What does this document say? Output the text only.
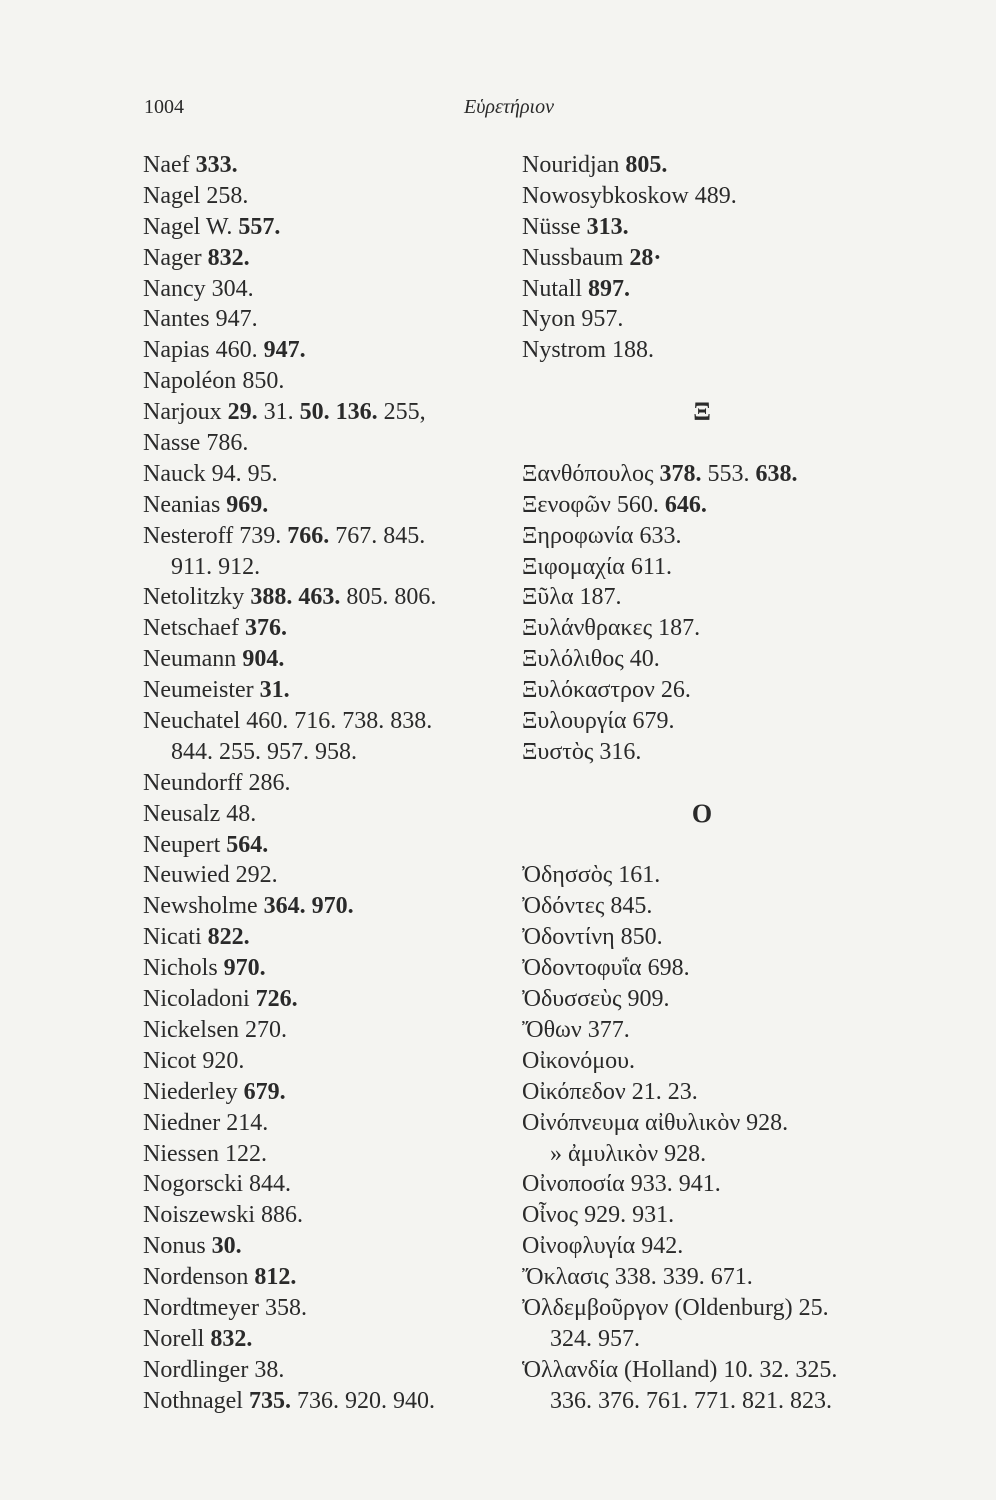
1004	Εὑρετήριον
Naef 333.
Nagel 258.
Nagel W. 557.
Nager 832.
Nancy 304.
Nantes 947.
Napias 460. 947.
Napoléon 850.
Narjoux 29. 31. 50. 136. 255,
Nasse 786.
Nauck 94. 95.
Neanias 969.
Nesteroff 739. 766. 767. 845.
911. 912.
Netolitzky 388. 463. 805. 806.
Netschaef 376.
Neumann 904.
Neumeister 31.
Neuchatel 460. 716. 738. 838.
844. 255. 957. 958.
Neundorff 286.
Neusalz 48.
Neupert 564.
Neuwied 292.
Newsholme 364. 970.
Nicati 822.
Nichols 970.
Nicoladoni 726.
Nickelsen 270.
Nicot 920.
Niederley 679.
Niedner 214.
Niessen 122.
Nogorscki 844.
Noiszewski 886.
Nonus 30.
Nordenson 812.
Nordtmeyer 358.
Norell 832.
Nordlinger 38.
Nothnagel 735. 736. 920. 940.
Nouridjan 805.
Nowosybkoskow 489.
Nüsse 313.
Nussbaum 28·
Nutall 897.
Nyon 957.
Nystrom 188.
Ξ
Ξανθόπουλος 378. 553. 638.
Ξενοφῶν 560. 646.
Ξηροφωνία 633.
Ξιφομαχία 611.
Ξῦλα 187.
Ξυλάνθρακες 187.
Ξυλόλιθος 40.
Ξυλόκαστρον 26.
Ξυλουργία 679.
Ξυστὸς 316.
Ο
Ὀδησσὸς 161.
Ὀδόντες 845.
Ὀδοντίνη 850.
Ὀδοντοφυΐα 698.
Ὀδυσσεὺς 909.
Ὄθων 377.
Οἰκονόμου.
Οἰκόπεδον 21. 23.
Οἰνόπνευμα αἰθυλικὸν 928.
» ἀμυλικὸν 928.
Οἰνοποσία 933. 941.
Οἶνος 929. 931.
Οἰνοφλυγία 942.
Ὄκλασις 338. 339. 671.
Ὀλδεμβοῦργον (Oldenburg) 25.
324. 957.
Ὁλλανδία (Holland) 10. 32. 325.
336. 376. 761. 771. 821. 823.
